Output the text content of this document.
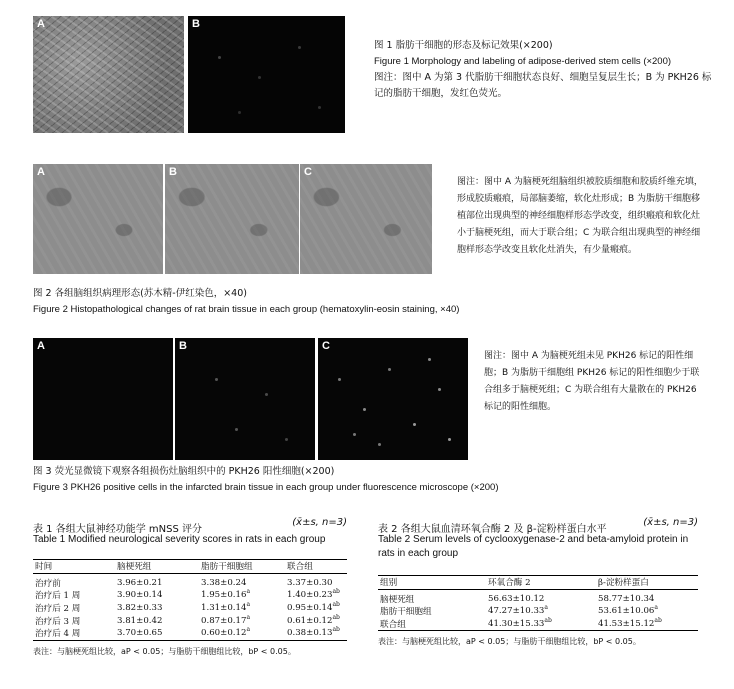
A	B
图 1 脂肪干细胞的形态及标记效果(×200)
Figure 1 Morphology and labeling of adipose-derived stem cells (×200)
图注：图中 A 为第 3 代脂肪干细胞状态良好、细胞呈复层生长；B 为 PKH26 标记的脂肪干细胞，发红色荧光。
A	B	C
图注：图中 A 为脑梗死组脑组织被胶质细胞和胶质纤维充填，形成胶质瘢痕，局部脑萎缩，软化灶形成；B 为脂肪干细胞移植部位出现典型的神经细胞样形态学改变，组织瘢痕和软化灶小于脑梗死组，而大于联合组；C 为联合组出现典型的神经细胞样形态学改变且软化灶消失，有少量瘢痕。
图 2 各组脑组织病理形态(苏木精-伊红染色，×40)
Figure 2 Histopathological changes of rat brain tissue in each group (hematoxylin-eosin staining, ×40)
A	B	C
图注：图中 A 为脑梗死组未见 PKH26 标记的阳性细胞；B 为脂肪干细胞组 PKH26 标记的阳性细胞少于联合组多于脑梗死组；C 为联合组有大量散在的 PKH26 标记的阳性细胞。
图 3 荧光显微镜下观察各组损伤灶脑组织中的 PKH26 阳性细胞(×200)
Figure 3 PKH26 positive cells in the infarcted brain tissue in each group under fluorescence microscope (×200)
表 1 各组大鼠神经功能学 mNSS 评分
(x̄±s, n=3)
Table 1 Modified neurological severity scores in rats in each group
时间	脑梗死组	脂肪干细胞组	联合组
治疗前	3.96±0.21	3.38±0.24	3.37±0.30
治疗后 1 周	3.90±0.14	1.95±0.16$^a$	1.40±0.23$^{ab}$
治疗后 2 周	3.82±0.33	1.31±0.14$^a$	0.95±0.14$^{ab}$
治疗后 3 周	3.81±0.42	0.87±0.17$^a$	0.61±0.12$^{ab}$
治疗后 4 周	3.70±0.65	0.60±0.12$^a$	0.38±0.13$^{ab}$
表注：与脑梗死组比较，aP < 0.05；与脂肪干细胞组比较，bP < 0.05。
表 2 各组大鼠血清环氧合酶 2 及 β-淀粉样蛋白水平
(x̄±s, n=3)
Table 2 Serum levels of cyclooxygenase-2 and beta-amyloid protein in rats in each group
组别	环氧合酶 2	β-淀粉样蛋白
脑梗死组	56.63±10.12	58.77±10.34
脂肪干细胞组	47.27±10.33$^a$	53.61±10.06$^a$
联合组	41.30±15.33$^{ab}$	41.53±15.12$^{ab}$
表注：与脑梗死组比较，aP < 0.05；与脂肪干细胞组比较，bP < 0.05。
